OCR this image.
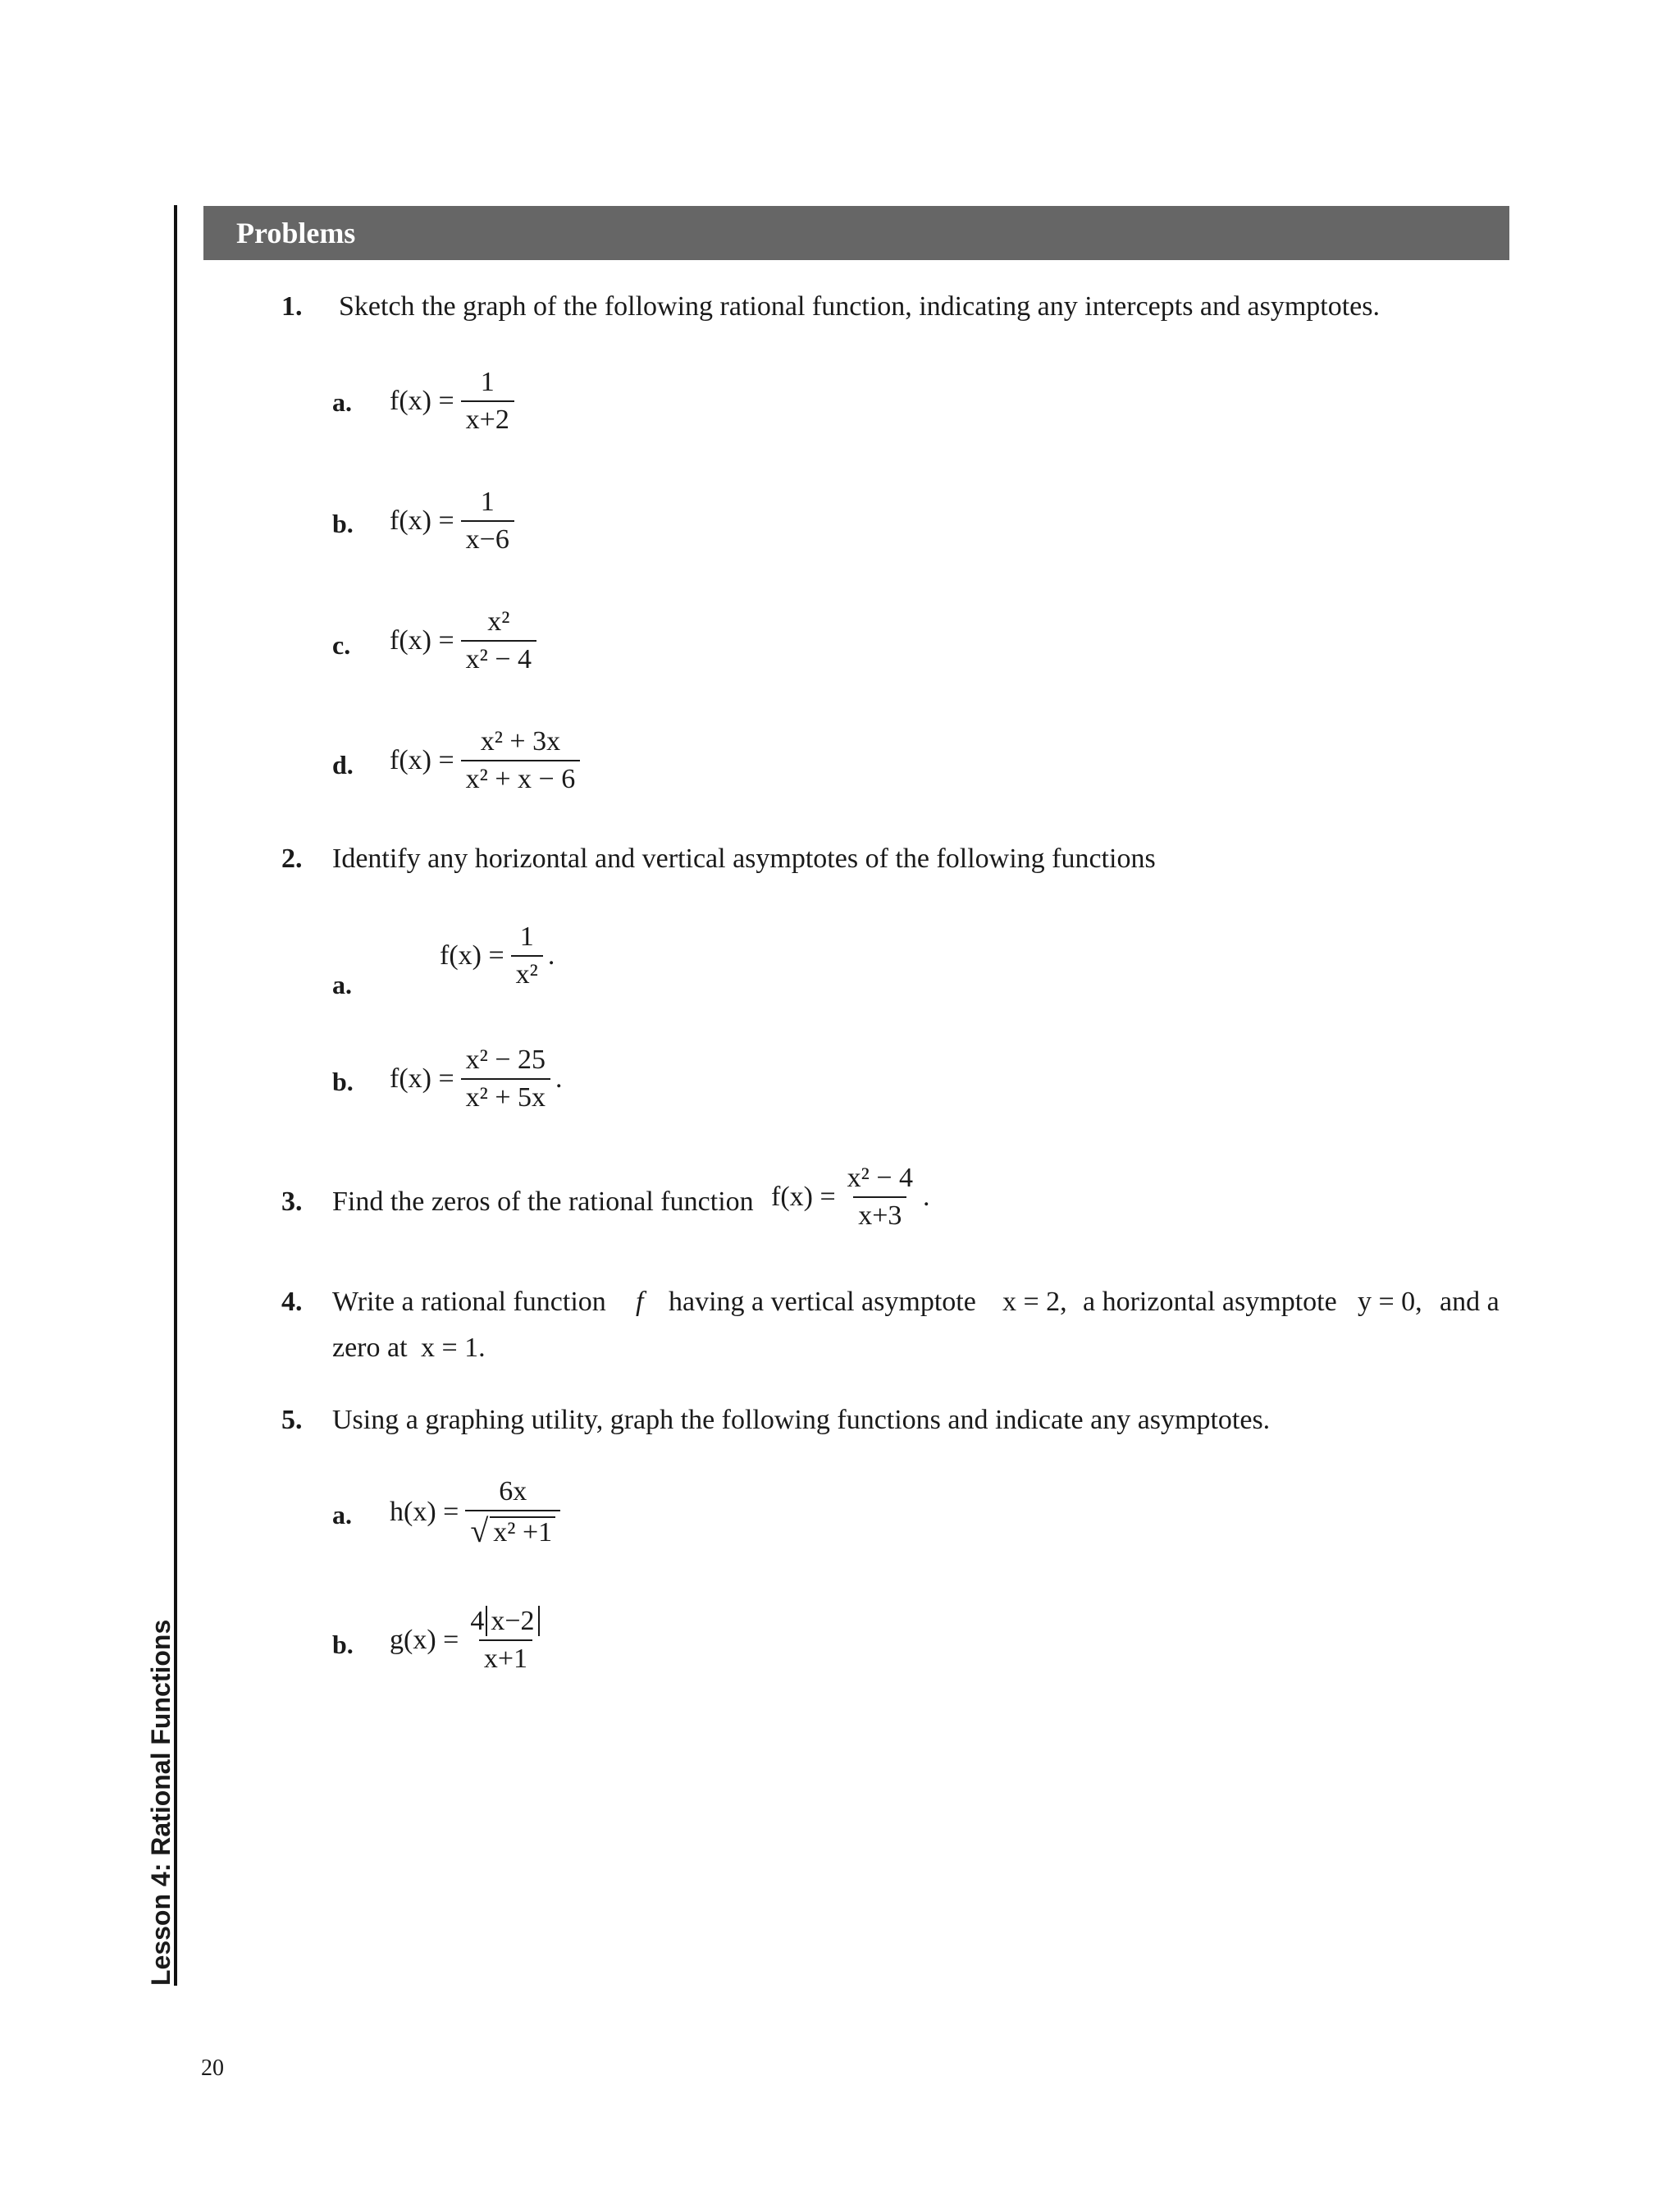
Lesson 4: Rational Functions
20
Problems
1. Sketch the graph of the following rational function, indicating any intercepts and asymptotes.
a. $f(x) = \frac{1}{x+2}$
b. $f(x) = \frac{1}{x-6}$
c. $f(x) = \frac{\text{x²}}{\text{x² − 4}}$
d. $f(x) = \frac{\text{x² + 3x}}{\text{x² + x − 6}}$
2. Identify any horizontal and vertical asymptotes of the following functions
a.
$f(x) = \frac{1}{\text{x²}}$ .
b. $f(x) = \frac{\text{x² − 25}}{\text{x² + 5x}}$ .
3. Find the zeros of the rational function $f(x) = \frac{\text{x² − 4}}{x+3}$ .
4. Write a rational function f having a vertical asymptote x = 2, a horizontal asymptote y = 0, and a
zero at x = 1.
5. Using a graphing utility, graph the following functions and indicate any asymptotes.
a. $h(x) = \frac{6x}{\text{√ x² +1}}$
b. $g(x) = \frac{4 x-2}{x+1}$
